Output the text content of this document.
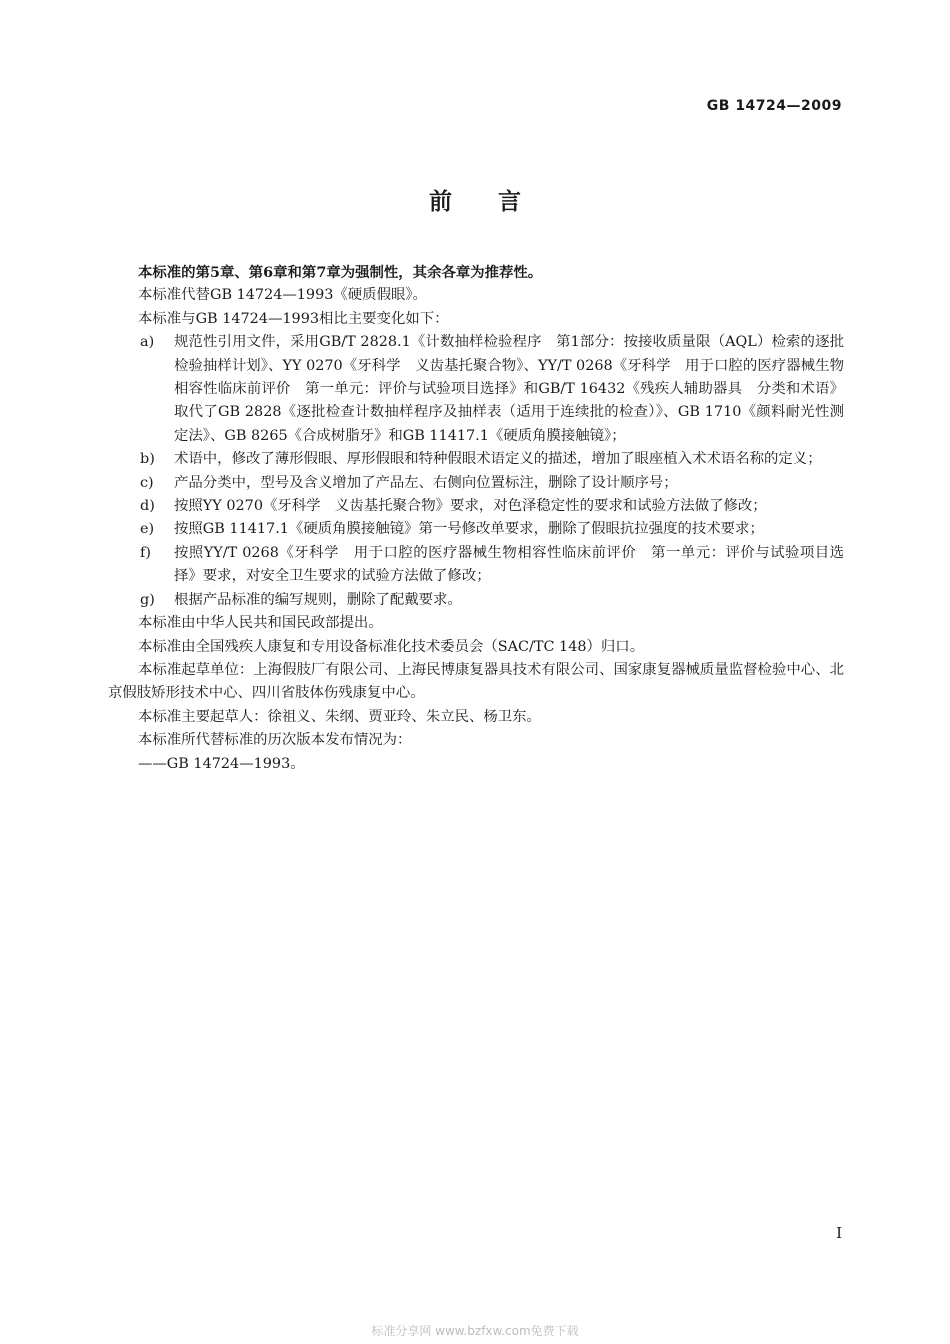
GB 14724—2009
前言

本标准的第5章、第6章和第7章为强制性，其余各章为推荐性。

本标准代替GB 14724—1993《硬质假眼》。

本标准与GB 14724—1993相比主要变化如下：

a)	规范性引用文件，采用GB/T 2828.1《计数抽样检验程序　第1部分：按接收质量限（AQL）检索的逐批检验抽样计划》、YY 0270《牙科学　义齿基托聚合物》、YY/T 0268《牙科学　用于口腔的医疗器械生物相容性临床前评价　第一单元：评价与试验项目选择》和GB/T 16432《残疾人辅助器具　分类和术语》取代了GB 2828《逐批检查计数抽样程序及抽样表（适用于连续批的检查）》、GB 1710《颜料耐光性测定法》、GB 8265《合成树脂牙》和GB 11417.1《硬质角膜接触镜》；
b)	术语中，修改了薄形假眼、厚形假眼和特种假眼术语定义的描述，增加了眼座植入术术语名称的定义；
c)	产品分类中，型号及含义增加了产品左、右侧向位置标注，删除了设计顺序号；
d)	按照YY 0270《牙科学　义齿基托聚合物》要求，对色泽稳定性的要求和试验方法做了修改；
e)	按照GB 11417.1《硬质角膜接触镜》第一号修改单要求，删除了假眼抗拉强度的技术要求；
f)	按照YY/T 0268《牙科学　用于口腔的医疗器械生物相容性临床前评价　第一单元：评价与试验项目选择》要求，对安全卫生要求的试验方法做了修改；
g)	根据产品标准的编写规则，删除了配戴要求。

本标准由中华人民共和国民政部提出。

本标准由全国残疾人康复和专用设备标准化技术委员会（SAC/TC 148）归口。

本标准起草单位：上海假肢厂有限公司、上海民博康复器具技术有限公司、国家康复器械质量监督检验中心、北京假肢矫形技术中心、四川省肢体伤残康复中心。

本标准主要起草人：徐祖义、朱纲、贾亚玲、朱立民、杨卫东。

本标准所代替标准的历次版本发布情况为：

——GB 14724—1993。

I
标准分享网 www.bzfxw.com免费下载
